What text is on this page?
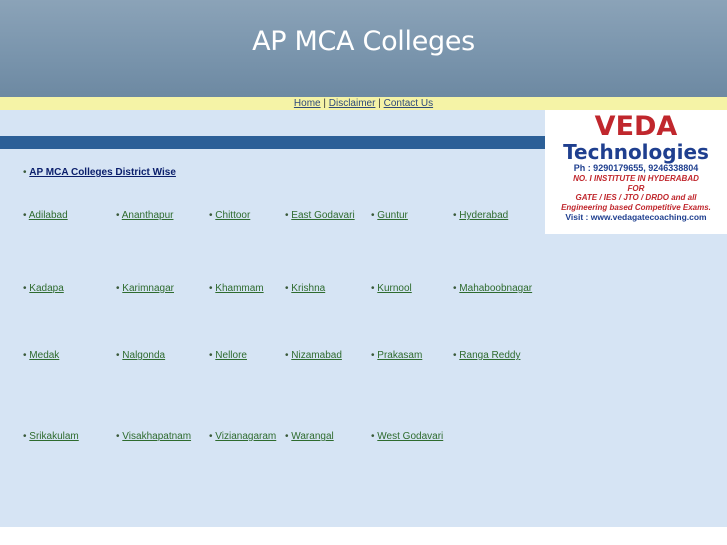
AP MCA Colleges
Home | Disclaimer | Contact Us
VEDA
Technologies
Ph : 9290179655, 9246338804
NO. I INSTITUTE IN HYDERABAD
FOR
GATE / IES / JTO / DRDO and all
Engineering based Competitive Exams.
Visit : www.vedagatecoaching.com
• AP MCA Colleges District Wise
• Adilabad	• Ananthapur	• Chittoor	• East Godavari • Guntur	• Hyderabad
• Kadapa	• Karimnagar	• Khammam • Krishna	• Kurnool	• Mahaboobnagar
• Medak	• Nalgonda	• Nellore	• Nizamabad	• Prakasam	• Ranga Reddy
• Srikakulam	• Visakhapatnam • Vizianagaram • Warangal	• West Godavari
